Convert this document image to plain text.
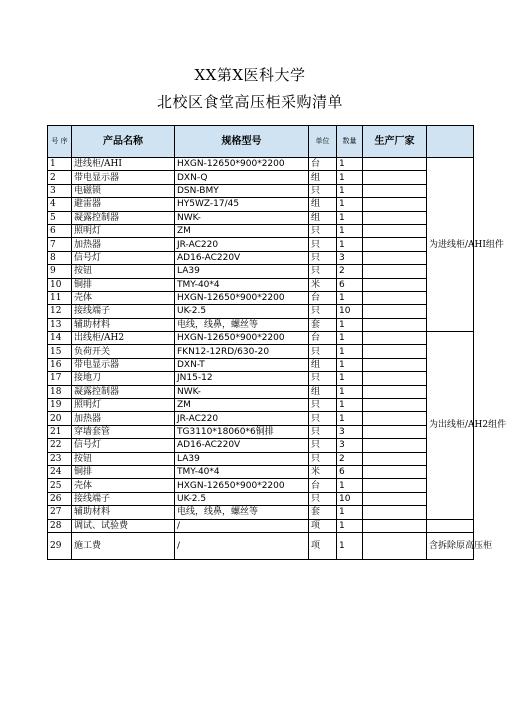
XX第X医科大学
北校区食堂高压柜采购清单
号 序	产品名称	规格型号	单位	数量	生产厂家	
1	进线柜/AHI	HXGN-12650*900*2200	台	1		为进线柜/AHI组件
2	带电显示器	DXN-Q	组	1		
3	电磁锁	DSN-BMY	只	1		
4	避雷器	HY5WZ-17/45	组	1		
5	凝露控制器	NWK-	组	1		
6	照明灯	ZM	只	1		
7	加热器	JR-AC220	只	1		
8	信号灯	AD16-AC220V	只	3		
9	按钮	LA39	只	2		
10	铜排	TMY-40*4	米	6		
11	壳体	HXGN-12650*900*2200	台	1		
12	接线端子	UK-2.5	只	10		
13	辅助材料	电线，线鼻，螺丝等	套	1		
14	出线柜/AH2	HXGN-12650*900*2200	台	1		为出线柜/AH2组件
15	负荷开关	FKN12-12RD/630-20	只	1		
16	带电显示器	DXN-T	组	1		
17	接地刀	JN15-12	只	1		
18	凝露控制器	NWK-	组	1		
19	照明灯	ZM	只	1		
20	加热器	JR-AC220	只	1		
21	穿墙套管	TG3110*18060*6铜排	只	3		
22	信号灯	AD16-AC220V	只	3		
23	按钮	LA39	只	2		
24	铜排	TMY-40*4	米	6		
25	壳体	HXGN-12650*900*2200	台	1		
26	接线端子	UK-2.5	只	10		
27	辅助材料	电线，线鼻，螺丝等	套	1		
28	调试、试验费	/	项	1		
29	施工费	/	项	1		含拆除原高压柜
